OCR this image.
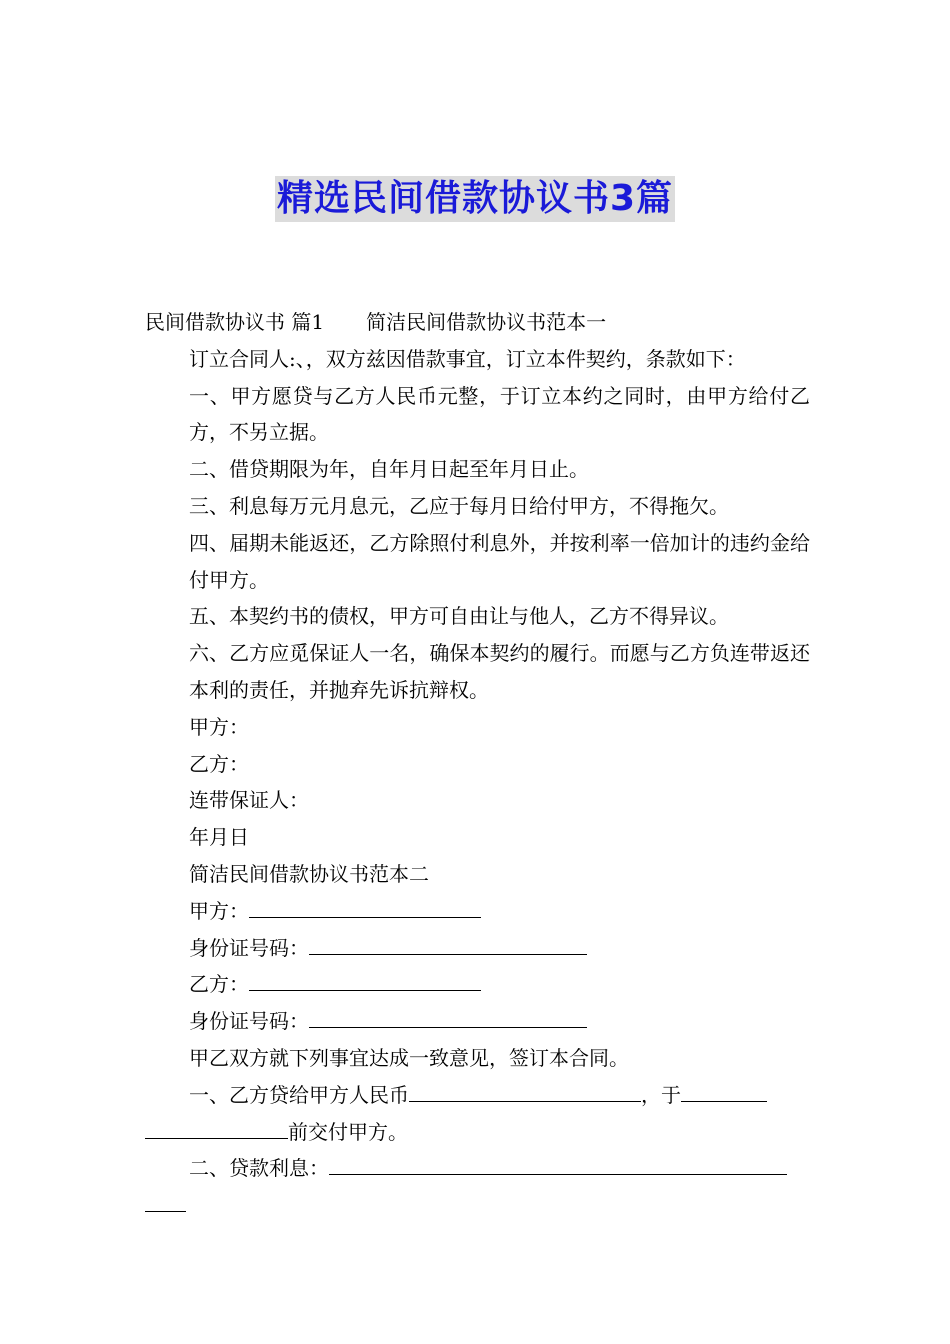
精选民间借款协议书3篇

民间借款协议书 篇1 简洁民间借款协议书范本一

订立合同人:、，双方兹因借款事宜，订立本件契约，条款如下：

一、甲方愿贷与乙方人民币元整，于订立本约之同时，由甲方给付乙方，不另立据。

二、借贷期限为年，自年月日起至年月日止。

三、利息每万元月息元，乙应于每月日给付甲方，不得拖欠。

四、届期未能返还，乙方除照付利息外，并按利率一倍加计的违约金给付甲方。

五、本契约书的债权，甲方可自由让与他人，乙方不得异议。

六、乙方应觅保证人一名，确保本契约的履行。而愿与乙方负连带返还本利的责任，并抛弃先诉抗辩权。

甲方：

乙方：

连带保证人：

年月日

简洁民间借款协议书范本二

甲方：

身份证号码：

乙方：

身份证号码：

甲乙双方就下列事宜达成一致意见，签订本合同。

一、乙方贷给甲方人民币	，于

前交付甲方。

二、贷款利息：
